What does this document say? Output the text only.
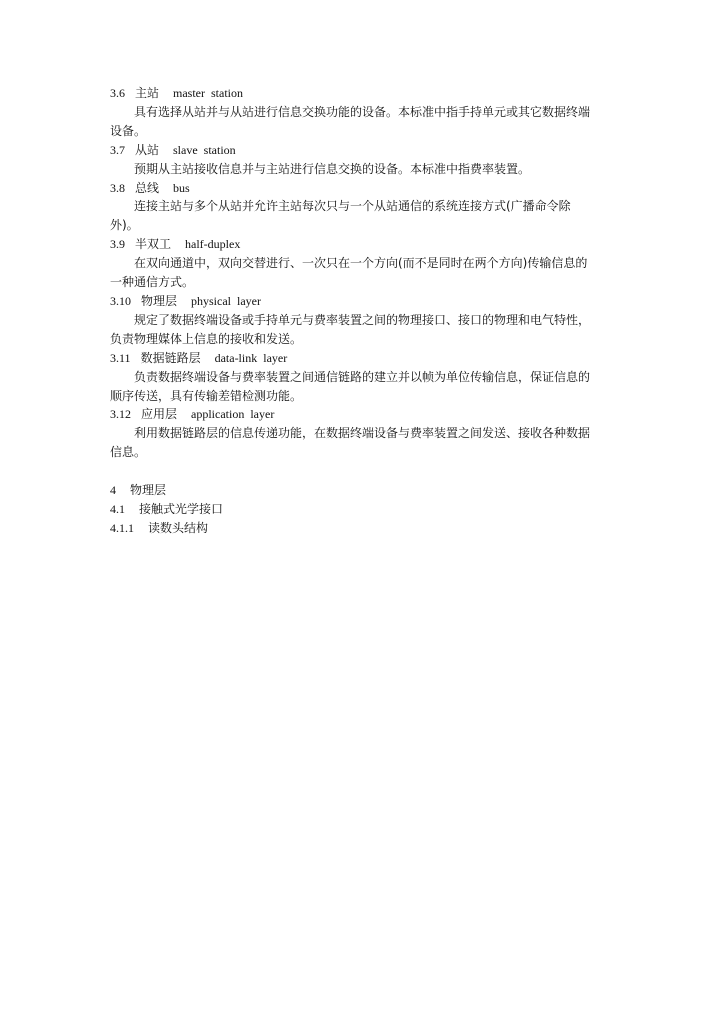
3.6 主站 master station
具有选择从站并与从站进行信息交换功能的设备。本标准中指手持单元或其它数据终端
设备。
3.7 从站 slave station
预期从主站接收信息并与主站进行信息交换的设备。本标准中指费率装置。
3.8 总线 bus
连接主站与多个从站并允许主站每次只与一个从站通信的系统连接方式(广播命令除
外)。
3.9 半双工 half-duplex
在双向通道中，双向交替进行、一次只在一个方向(而不是同时在两个方向)传输信息的
一种通信方式。
3.10 物理层 physical layer
规定了数据终端设备或手持单元与费率装置之间的物理接口、接口的物理和电气特性，
负责物理媒体上信息的接收和发送。
3.11 数据链路层 data-link layer
负责数据终端设备与费率装置之间通信链路的建立并以帧为单位传输信息，保证信息的
顺序传送，具有传输差错检测功能。
3.12 应用层 application layer
利用数据链路层的信息传递功能，在数据终端设备与费率装置之间发送、接收各种数据
信息。
4 物理层
4.1 接触式光学接口
4.1.1 读数头结构
